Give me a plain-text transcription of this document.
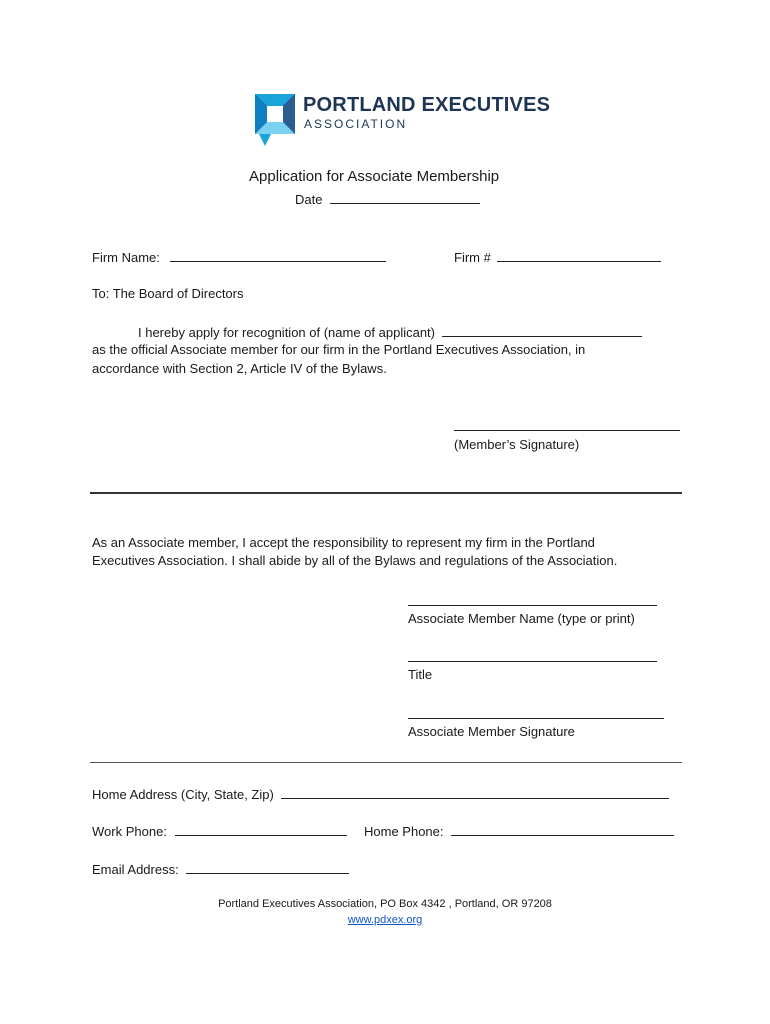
PORTLAND EXECUTIVES
ASSOCIATION
Application for Associate Membership
Date
Firm Name:	Firm #
To: The Board of Directors
I hereby apply for recognition of (name of applicant)
as the official Associate member for our firm in the Portland Executives Association, in
accordance with Section 2, Article IV of the Bylaws.
(Member’s Signature)
As an Associate member, I accept the responsibility to represent my firm in the Portland
Executives Association. I shall abide by all of the Bylaws and regulations of the Association.
Associate Member Name (type or print)
Title
Associate Member Signature
Home Address (City, State, Zip)
Work Phone:	Home Phone:
Email Address:
Portland Executives Association, PO Box 4342 , Portland, OR 97208
www.pdxex.org
